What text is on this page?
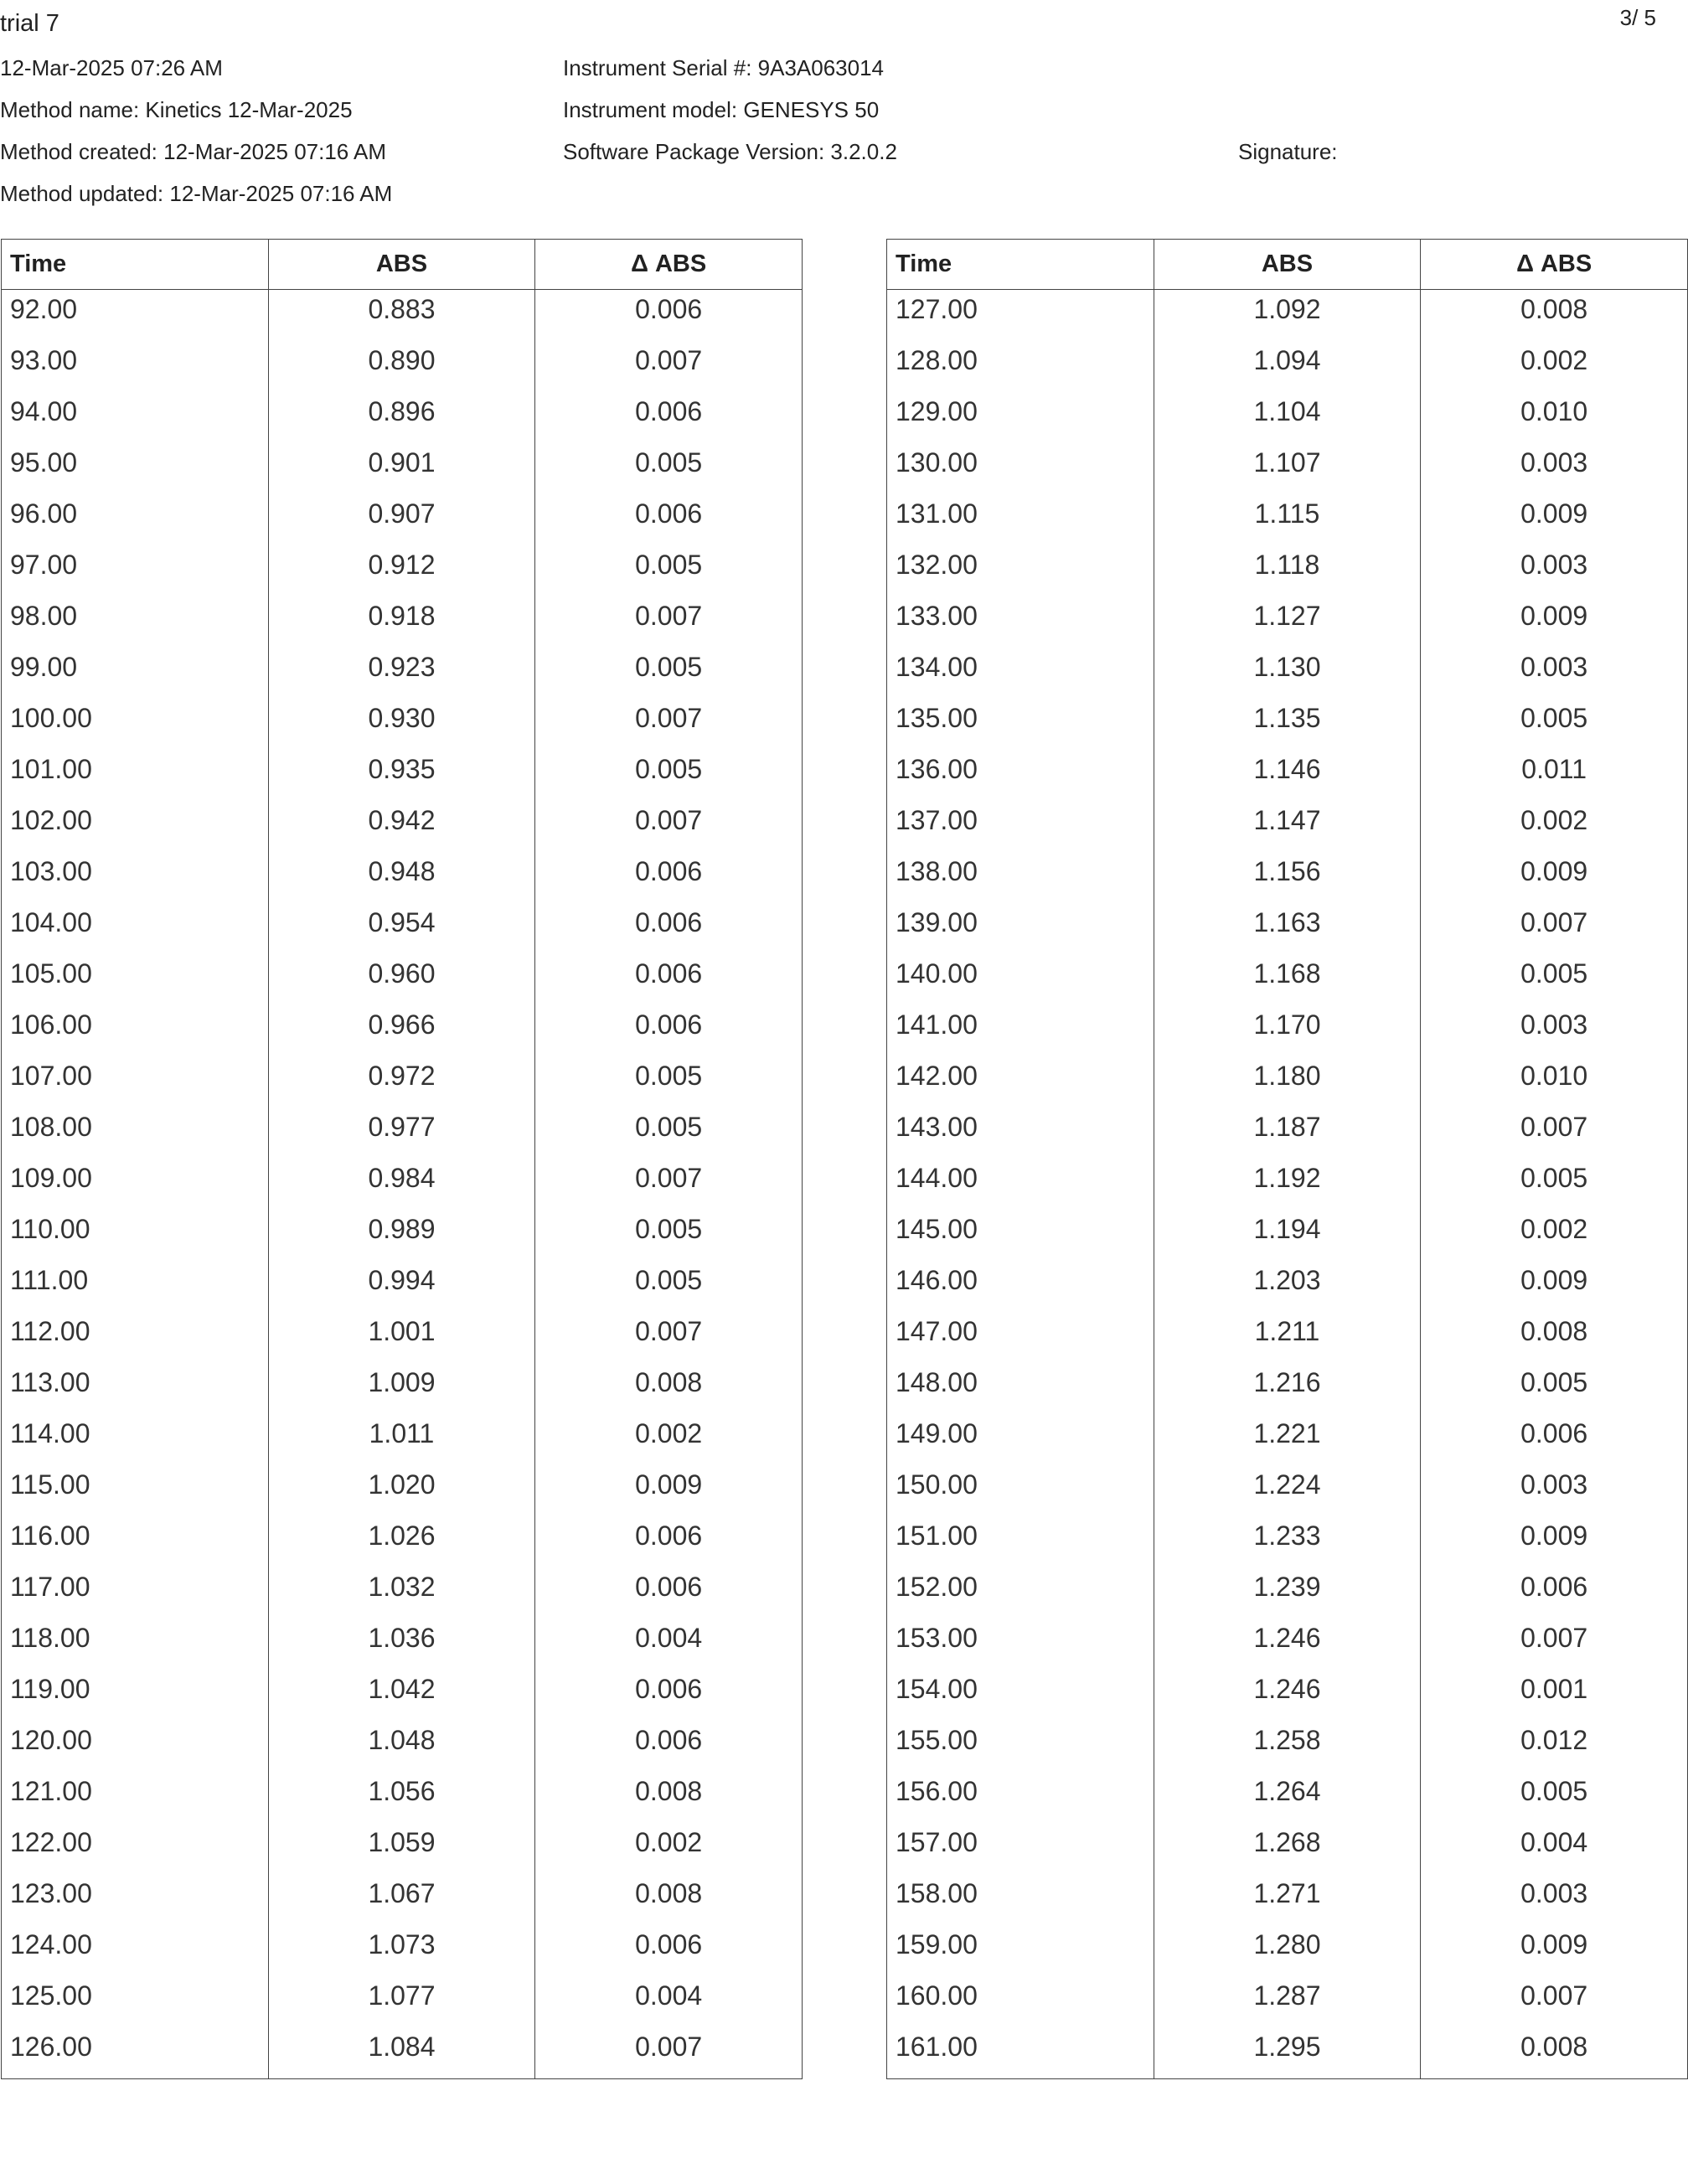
trial 7	3/ 5
12-Mar-2025 07:26 AM
Method name: Kinetics 12-Mar-2025
Method created: 12-Mar-2025 07:16 AM
Method updated: 12-Mar-2025 07:16 AM
Instrument Serial #: 9A3A063014
Instrument model: GENESYS 50
Software Package Version: 3.2.0.2	Signature:
Time	ABS	Δ ABS
92.00	0.883	0.006
93.00	0.890	0.007
94.00	0.896	0.006
95.00	0.901	0.005
96.00	0.907	0.006
97.00	0.912	0.005
98.00	0.918	0.007
99.00	0.923	0.005
100.00	0.930	0.007
101.00	0.935	0.005
102.00	0.942	0.007
103.00	0.948	0.006
104.00	0.954	0.006
105.00	0.960	0.006
106.00	0.966	0.006
107.00	0.972	0.005
108.00	0.977	0.005
109.00	0.984	0.007
110.00	0.989	0.005
111.00	0.994	0.005
112.00	1.001	0.007
113.00	1.009	0.008
114.00	1.011	0.002
115.00	1.020	0.009
116.00	1.026	0.006
117.00	1.032	0.006
118.00	1.036	0.004
119.00	1.042	0.006
120.00	1.048	0.006
121.00	1.056	0.008
122.00	1.059	0.002
123.00	1.067	0.008
124.00	1.073	0.006
125.00	1.077	0.004
126.00	1.084	0.007

Time	ABS	Δ ABS
127.00	1.092	0.008
128.00	1.094	0.002
129.00	1.104	0.010
130.00	1.107	0.003
131.00	1.115	0.009
132.00	1.118	0.003
133.00	1.127	0.009
134.00	1.130	0.003
135.00	1.135	0.005
136.00	1.146	0.011
137.00	1.147	0.002
138.00	1.156	0.009
139.00	1.163	0.007
140.00	1.168	0.005
141.00	1.170	0.003
142.00	1.180	0.010
143.00	1.187	0.007
144.00	1.192	0.005
145.00	1.194	0.002
146.00	1.203	0.009
147.00	1.211	0.008
148.00	1.216	0.005
149.00	1.221	0.006
150.00	1.224	0.003
151.00	1.233	0.009
152.00	1.239	0.006
153.00	1.246	0.007
154.00	1.246	0.001
155.00	1.258	0.012
156.00	1.264	0.005
157.00	1.268	0.004
158.00	1.271	0.003
159.00	1.280	0.009
160.00	1.287	0.007
161.00	1.295	0.008
